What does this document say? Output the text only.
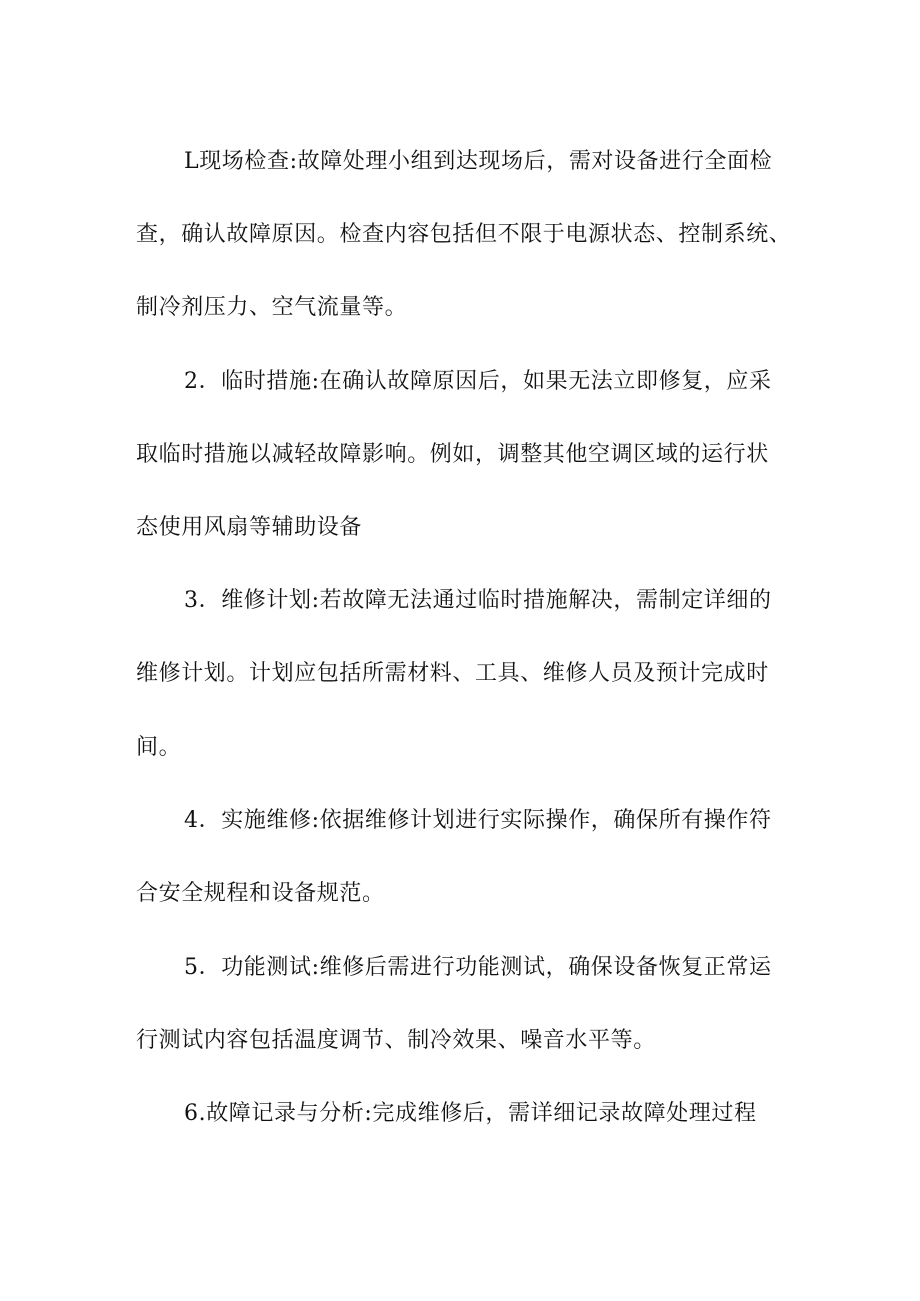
L现场检查:故障处理小组到达现场后，需对设备进行全面检
查，确认故障原因。检查内容包括但不限于电源状态、控制系统、
制冷剂压力、空气流量等。
2．临时措施:在确认故障原因后，如果无法立即修复，应采
取临时措施以减轻故障影响。例如，调整其他空调区域的运行状
态使用风扇等辅助设备
3．维修计划:若故障无法通过临时措施解决，需制定详细的
维修计划。计划应包括所需材料、工具、维修人员及预计完成时
间。
4．实施维修:依据维修计划进行实际操作，确保所有操作符
合安全规程和设备规范。
5．功能测试:维修后需进行功能测试，确保设备恢复正常运
行测试内容包括温度调节、制冷效果、噪音水平等。
6.故障记录与分析:完成维修后，需详细记录故障处理过程
